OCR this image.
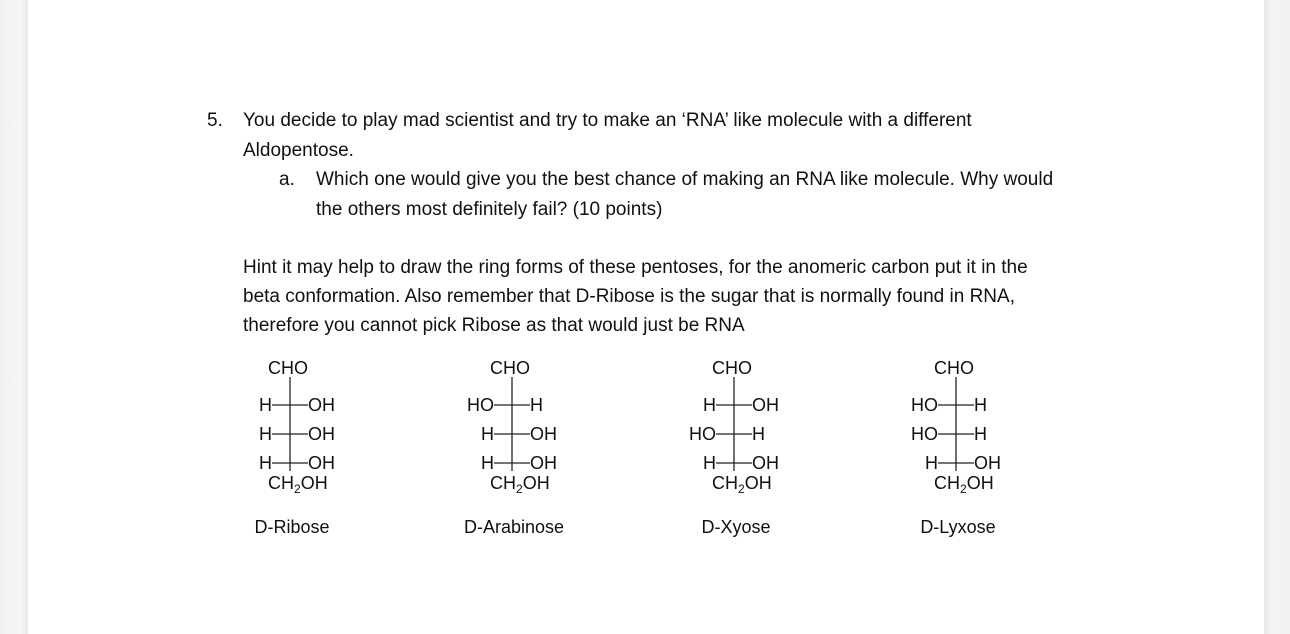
5. You decide to play mad scientist and try to make an ‘RNA’ like molecule with a different
Aldopentose.
a. Which one would give you the best chance of making an RNA like molecule. Why would
the others most definitely fail? (10 points)
Hint it may help to draw the ring forms of these pentoses, for the anomeric carbon put it in the
beta conformation. Also remember that D-Ribose is the sugar that is normally found in RNA,
therefore you cannot pick Ribose as that would just be RNA
CHO
H OH
H OH
H OH
$CH_2OH$
D-Ribose
CHO
HO H
H OH
H OH
$CH_2OH$
D-Arabinose
CHO
H OH
HO H
H OH
$CH_2OH$
D-Xyose
CHO
HO H
HO H
H OH
$CH_2OH$
D-Lyxose
